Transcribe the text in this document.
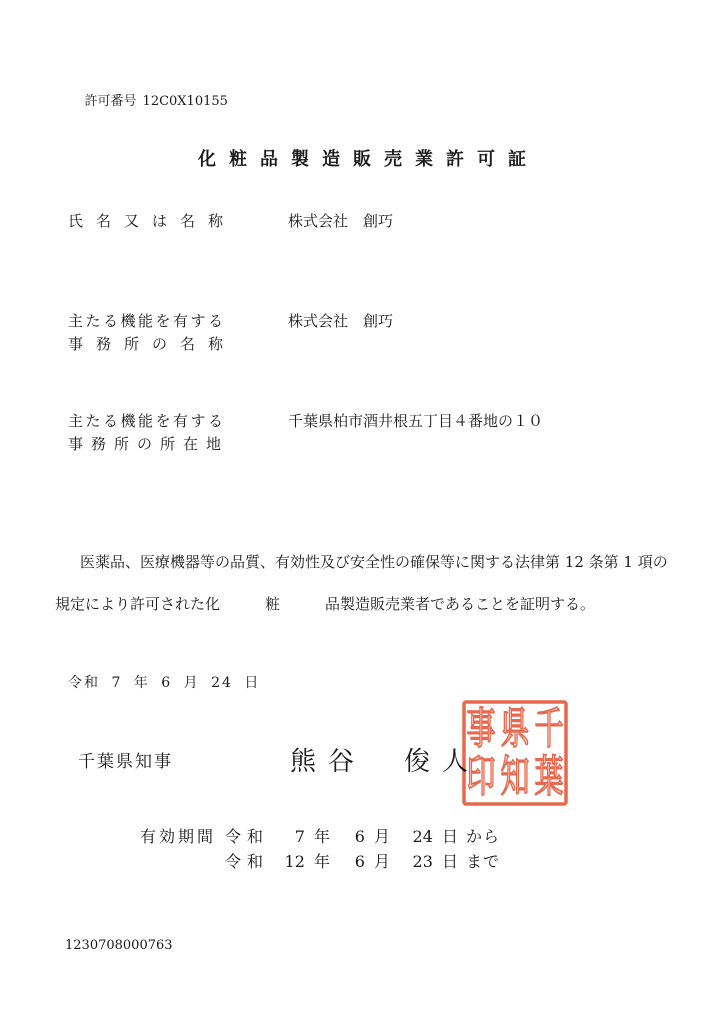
許可番号 12C0X10155

化粧品製造販売業許可証
氏名又は名称	株式会社　創巧
主たる機能を有する
事務所の名称
株式会社　創巧
主たる機能を有する
事務所の所在地
千葉県柏市酒井根五丁目４番地の１０
医薬品、医療機器等の品質、有効性及び安全性の確保等に関する法律第 12 条第 1 項の
規定により許可された化　　　粧　　　品製造販売業者であることを証明する。
令和 7 年 6 月 24 日
千葉県知事	熊谷　俊人
千
葉
県
知
事
印
有効期間 令和	7 年	6 月	24 日 から
令和 12 年	6 月	23 日 まで
1230708000763
